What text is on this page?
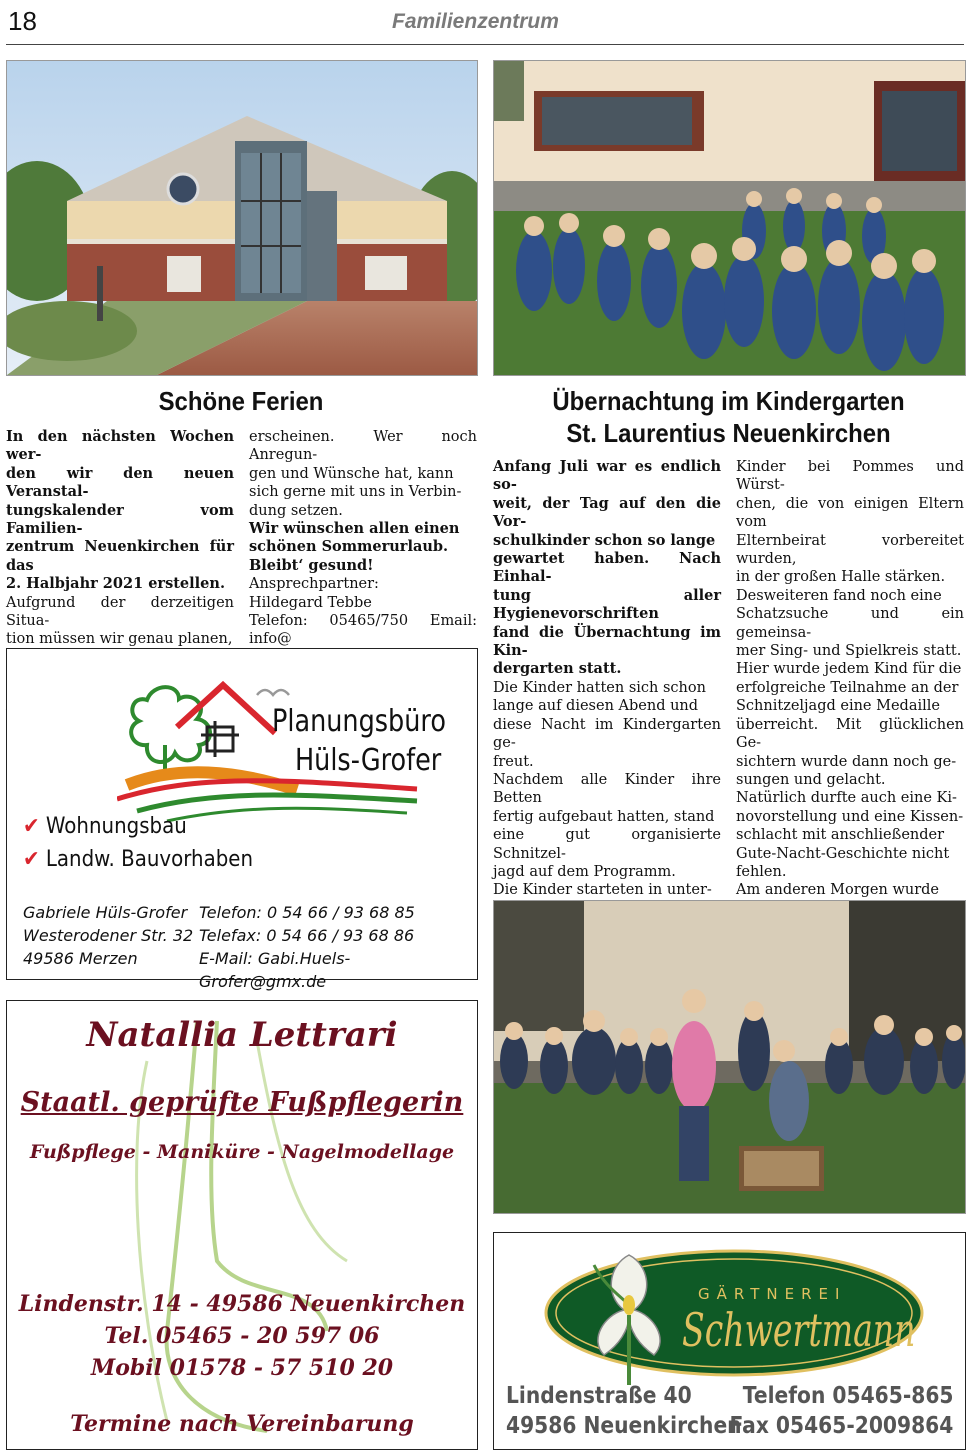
18	Familienzentrum
Schöne Ferien
In den nächsten Wochen wer-
den wir den neuen Veranstal-
tungskalender vom Familien-
zentrum Neuenkirchen für das
2. Halbjahr 2021 erstellen.
Aufgrund der derzeitigen Situa-
tion müssen wir genau planen,
erscheinen. Wer noch Anregun-
gen und Wünsche hat, kann
sich gerne mit uns in Verbin-
dung setzen.
Wir wünschen allen einen
schönen Sommerurlaub.
Bleibt‘ gesund!
Ansprechpartner:
Hildegard Tebbe
Telefon: 05465/750 Email: info@
Übernachtung im Kindergarten
St. Laurentius Neuenkirchen
Anfang Juli war es endlich so-
weit, der Tag auf den die Vor-
schulkinder schon so lange
gewartet haben. Nach Einhal-
tung aller Hygienevorschriften
fand die Übernachtung im Kin-
dergarten statt.
Die Kinder hatten sich schon
lange auf diesen Abend und
diese Nacht im Kindergarten ge-
freut.
Nachdem alle Kinder ihre Betten
fertig aufgebaut hatten, stand
eine gut organisierte Schnitzel-
jagd auf dem Programm.
Die Kinder starteten in unter-
Kinder bei Pommes und Würst-
chen, die von einigen Eltern vom
Elternbeirat vorbereitet wurden,
in der großen Halle stärken.
Desweiteren fand noch eine
Schatzsuche und ein gemeinsa-
mer Sing- und Spielkreis statt.
Hier wurde jedem Kind für die
erfolgreiche Teilnahme an der
Schnitzeljagd eine Medaille
überreicht. Mit glücklichen Ge-
sichtern wurde dann noch ge-
sungen und gelacht.
Natürlich durfte auch eine Ki-
novorstellung und eine Kissen-
schlacht mit anschließender
Gute-Nacht-Geschichte nicht
fehlen.
Am anderen Morgen wurde
Planungsbüro
Hüls-Grofer
✔ Wohnungsbau
✔ Landw. Bauvorhaben
Gabriele Hüls-Grofer
Westerodener Str. 32
49586 Merzen
Telefon: 0 54 66 / 93 68 85
Telefax: 0 54 66 / 93 68 86
E-Mail: Gabi.Huels-Grofer@gmx.de
Natallia Lettrari
Staatl. geprüfte Fußpflegerin
Fußpflege - Maniküre - Nagelmodellage
Lindenstr. 14 - 49586 Neuenkirchen
Tel. 05465 - 20 597 06
Mobil 01578 - 57 510 20
Termine nach Vereinbarung
GÄRTNEREI
Schwertmann
Lindenstraße 40
49586 Neuenkirchen
Telefon 05465-865
Fax 05465-2009864
